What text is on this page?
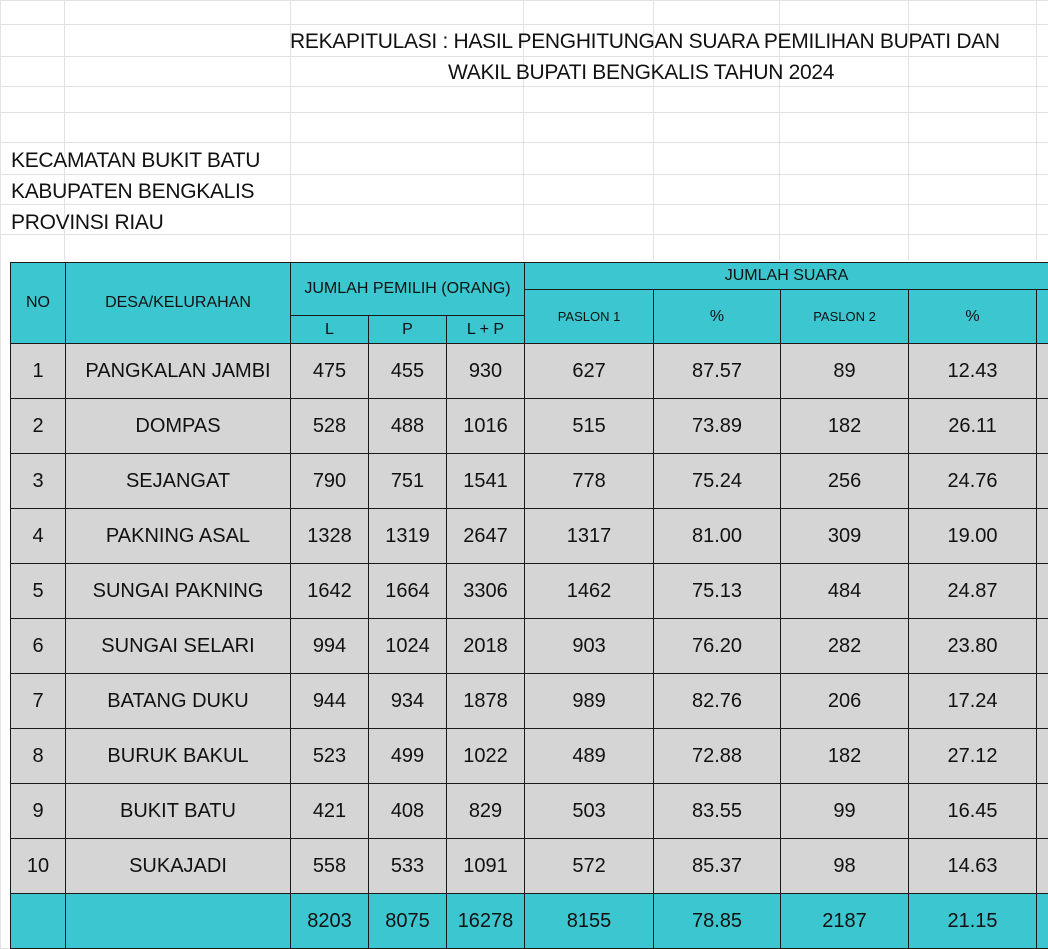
REKAPITULASI : HASIL PENGHITUNGAN SUARA PEMILIHAN BUPATI DAN
WAKIL BUPATI BENGKALIS TAHUN 2024
KECAMATAN BUKIT BATU
KABUPATEN BENGKALIS
PROVINSI RIAU
NO	DESA/KELURAHAN	JUMLAH PEMILIH (ORANG)			JUMLAH SUARA				
					PASLON 1	%	PASLON 2	%	
		L	P	L + P					
1	PANGKALAN JAMBI	475	455	930	627	87.57	89	12.43	
2	DOMPAS	528	488	1016	515	73.89	182	26.11	
3	SEJANGAT	790	751	1541	778	75.24	256	24.76	
4	PAKNING ASAL	1328	1319	2647	1317	81.00	309	19.00	
5	SUNGAI PAKNING	1642	1664	3306	1462	75.13	484	24.87	
6	SUNGAI SELARI	994	1024	2018	903	76.20	282	23.80	
7	BATANG DUKU	944	934	1878	989	82.76	206	17.24	
8	BURUK BAKUL	523	499	1022	489	72.88	182	27.12	
9	BUKIT BATU	421	408	829	503	83.55	99	16.45	
10	SUKAJADI	558	533	1091	572	85.37	98	14.63	
		8203	8075	16278	8155	78.85	2187	21.15	
